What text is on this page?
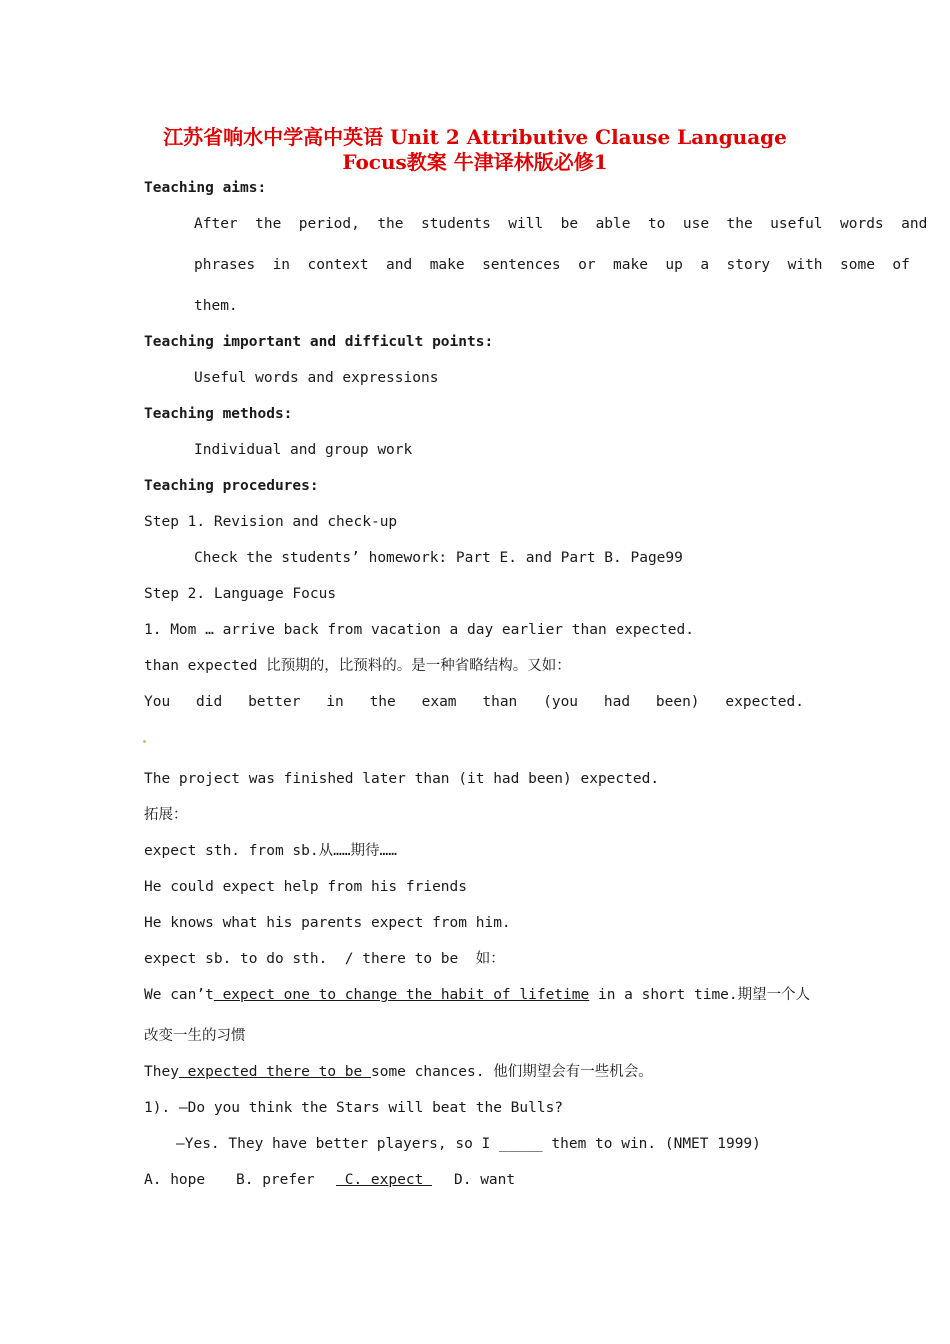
江苏省响水中学高中英语 Unit 2 Attributive Clause Language
Focus教案 牛津译林版必修1
Teaching aims:
After  the  period,  the  students  will  be  able  to  use  the  useful  words  and
phrases  in  context  and  make  sentences  or  make  up  a  story  with  some  of
them.
Teaching important and difficult points:
Useful words and expressions
Teaching methods:
Individual and group work
Teaching procedures:
Step 1. Revision and check-up
Check the students’ homework: Part E. and Part B. Page99
Step 2. Language Focus
1. Mom … arrive back from vacation a day earlier than expected.
than expected 比预期的，比预料的。是一种省略结构。又如：
You did better in the exam than (you had been) expected.
The project was finished later than (it had been) expected.
拓展：
expect sth. from sb.从……期待……
He could expect help from his friends
He knows what his parents expect from him.
expect sb. to do sth.  / there to be  如：
We can’t expect one to change the habit of lifetime in a short time.期望一个人
改变一生的习惯
They expected there to be some chances. 他们期望会有一些机会。
1). —Do you think the Stars will beat the Bulls?
—Yes. They have better players, so I _____ them to win. (NMET 1999)
A. hope B. prefer C. expect D. want
